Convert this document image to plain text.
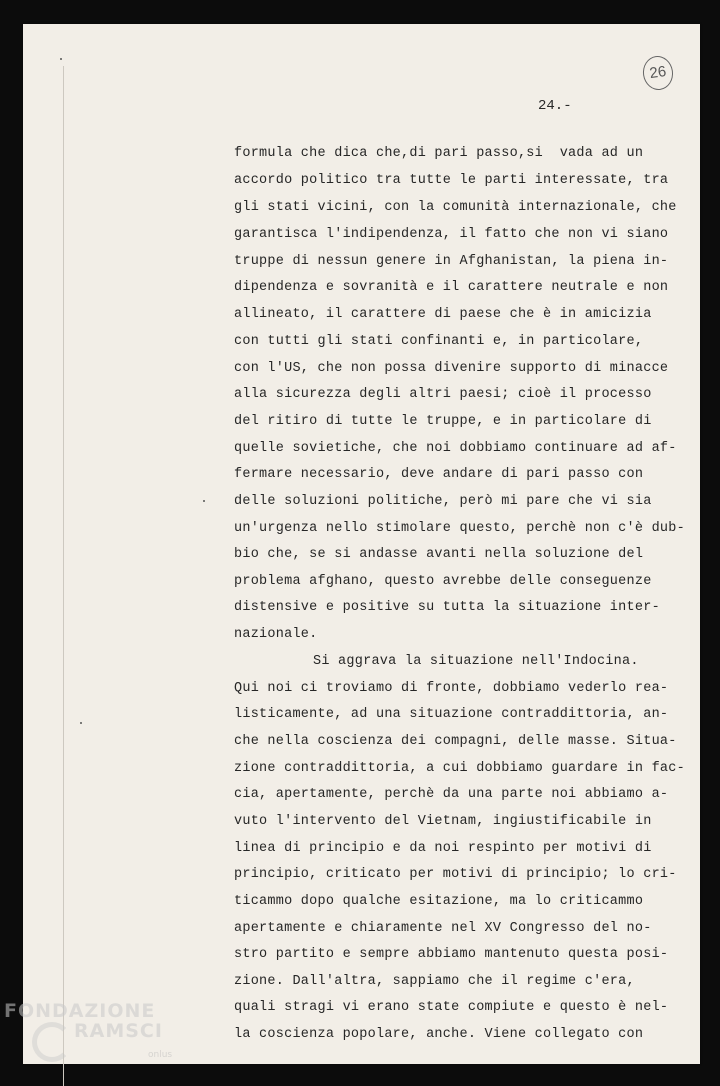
26
24.-
formula che dica che,di pari passo,si  vada ad un
accordo politico tra tutte le parti interessate, tra
gli stati vicini, con la comunità internazionale, che
garantisca l'indipendenza, il fatto che non vi siano
truppe di nessun genere in Afghanistan, la piena in-
dipendenza e sovranità e il carattere neutrale e non
allineato, il carattere di paese che è in amicizia
con tutti gli stati confinanti e, in particolare,
con l'US, che non possa divenire supporto di minacce
alla sicurezza degli altri paesi; cioè il processo
del ritiro di tutte le truppe, e in particolare di
quelle sovietiche, che noi dobbiamo continuare ad af-
fermare necessario, deve andare di pari passo con
delle soluzioni politiche, però mi pare che vi sia
un'urgenza nello stimolare questo, perchè non c'è dub-
bio che, se si andasse avanti nella soluzione del
problema afghano, questo avrebbe delle conseguenze
distensive e positive su tutta la situazione inter-
nazionale.
Si aggrava la situazione nell'Indocina.
Qui noi ci troviamo di fronte, dobbiamo vederlo rea-
listicamente, ad una situazione contraddittoria, an-
che nella coscienza dei compagni, delle masse. Situa-
zione contraddittoria, a cui dobbiamo guardare in fac-
cia, apertamente, perchè da una parte noi abbiamo a-
vuto l'intervento del Vietnam, ingiustificabile in
linea di principio e da noi respinto per motivi di
principio, criticato per motivi di principio; lo cri-
ticammo dopo qualche esitazione, ma lo criticammo
apertamente e chiaramente nel XV Congresso del no-
stro partito e sempre abbiamo mantenuto questa posi-
zione. Dall'altra, sappiamo che il regime c'era,
quali stragi vi erano state compiute e questo è nel-
la coscienza popolare, anche. Viene collegato con
FONDAZIONE
RAMSCI
onlus
